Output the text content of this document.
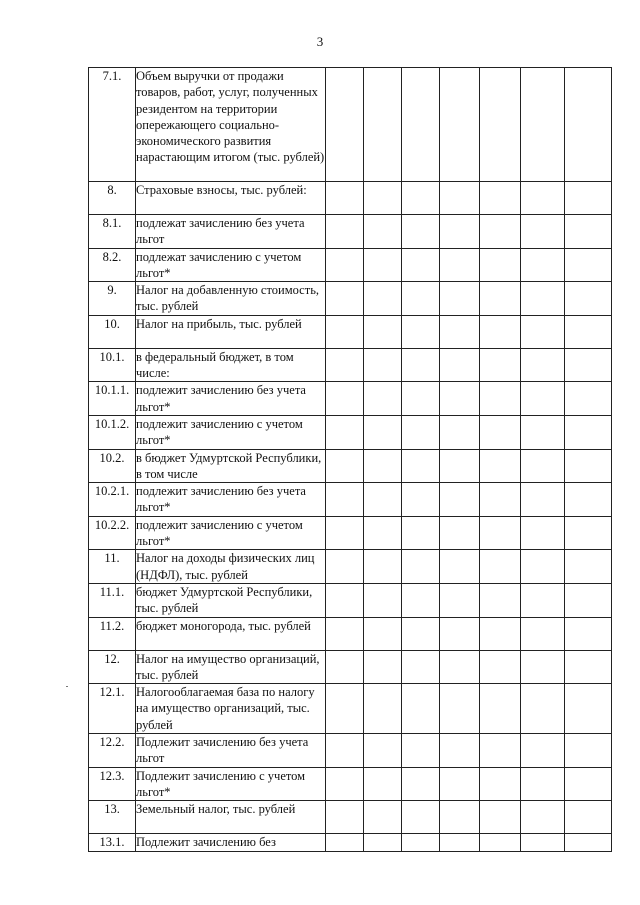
3
7.1.	Объем выручки от продажи товаров, работ, услуг, полученных резидентом на территории опережающего социально-экономического развития нарастающим итогом (тыс. рублей)							
8.	Страховые взносы, тыс. рублей:							
8.1.	подлежат зачислению без учета льгот							
8.2.	подлежат зачислению с учетом льгот*							
9.	Налог на добавленную стоимость, тыс. рублей							
10.	Налог на прибыль, тыс. рублей							
10.1.	в федеральный бюджет, в том числе:							
10.1.1.	подлежит зачислению без учета льгот*							
10.1.2.	подлежит зачислению с учетом льгот*							
10.2.	в бюджет Удмуртской Республики, в том числе							
10.2.1.	подлежит зачислению без учета льгот*							
10.2.2.	подлежит зачислению с учетом льгот*							
11.	Налог на доходы физических лиц (НДФЛ), тыс. рублей							
11.1.	бюджет Удмуртской Республики, тыс. рублей							
11.2.	бюджет моногорода, тыс. рублей							
12.	Налог на имущество организаций, тыс. рублей							
12.1.	Налогооблагаемая база по налогу на имущество организаций, тыс. рублей							
12.2.	Подлежит зачислению без учета льгот							
12.3.	Подлежит зачислению с учетом льгот*							
13.	Земельный налог, тыс. рублей							
13.1.	Подлежит зачислению без							
